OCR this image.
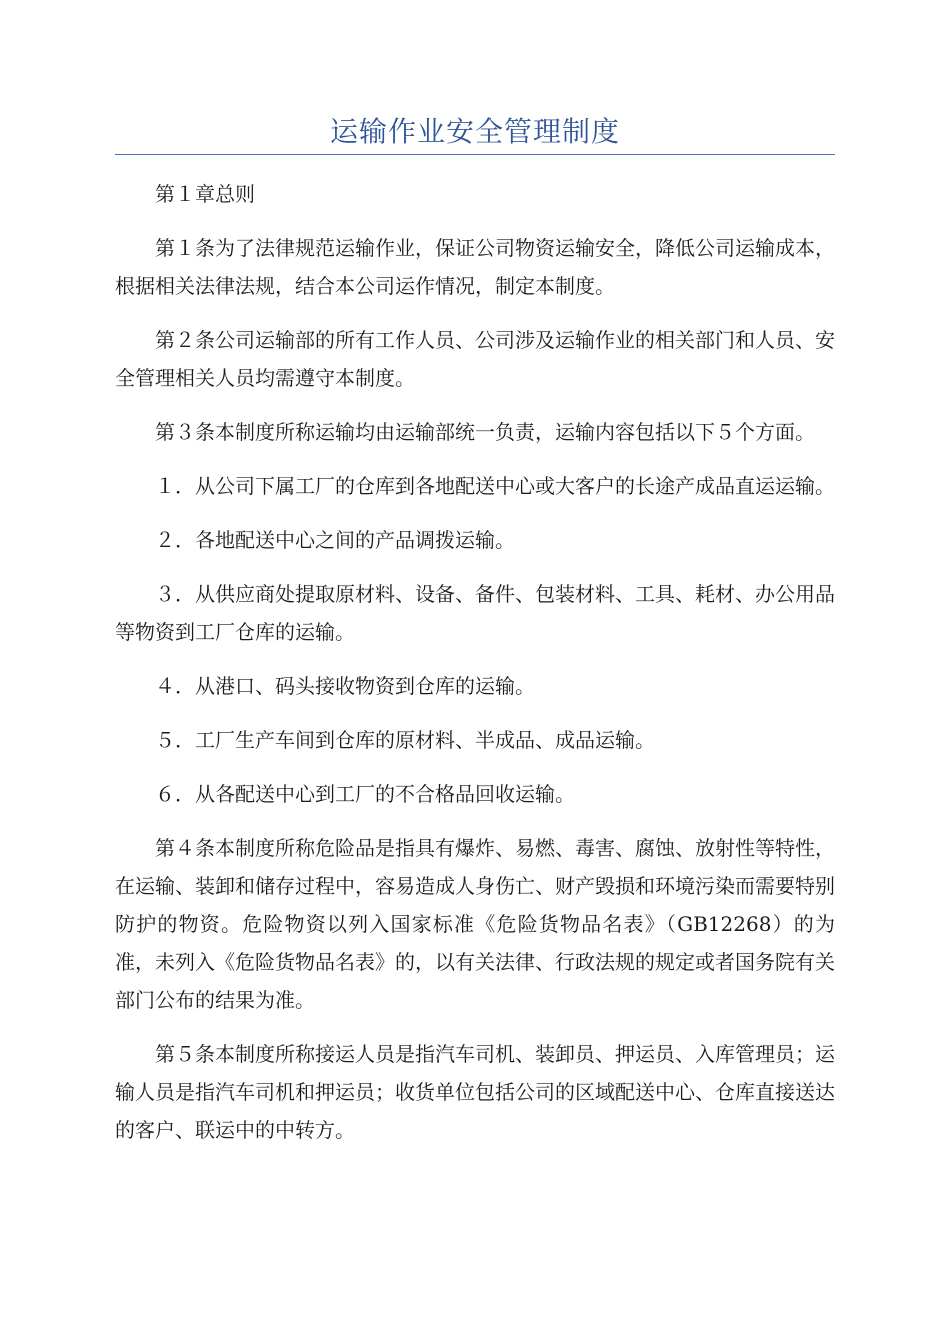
运输作业安全管理制度

第１章总则

第１条为了法律规范运输作业，保证公司物资运输安全，降低公司运输成本，根据相关法律法规，结合本公司运作情况，制定本制度。

第２条公司运输部的所有工作人员、公司涉及运输作业的相关部门和人员、安全管理相关人员均需遵守本制度。

第３条本制度所称运输均由运输部统一负责，运输内容包括以下５个方面。

１．从公司下属工厂的仓库到各地配送中心或大客户的长途产成品直运运输。

２．各地配送中心之间的产品调拨运输。

３．从供应商处提取原材料、设备、备件、包装材料、工具、耗材、办公用品等物资到工厂仓库的运输。

４．从港口、码头接收物资到仓库的运输。

５．工厂生产车间到仓库的原材料、半成品、成品运输。

６．从各配送中心到工厂的不合格品回收运输。

第４条本制度所称危险品是指具有爆炸、易燃、毒害、腐蚀、放射性等特性，在运输、装卸和储存过程中，容易造成人身伤亡、财产毁损和环境污染而需要特别防护的物资。危险物资以列入国家标准《危险货物品名表》（GB12268）的为准，未列入《危险货物品名表》的，以有关法律、行政法规的规定或者国务院有关部门公布的结果为准。

第５条本制度所称接运人员是指汽车司机、装卸员、押运员、入库管理员；运输人员是指汽车司机和押运员；收货单位包括公司的区域配送中心、仓库直接送达的客户、联运中的中转方。
